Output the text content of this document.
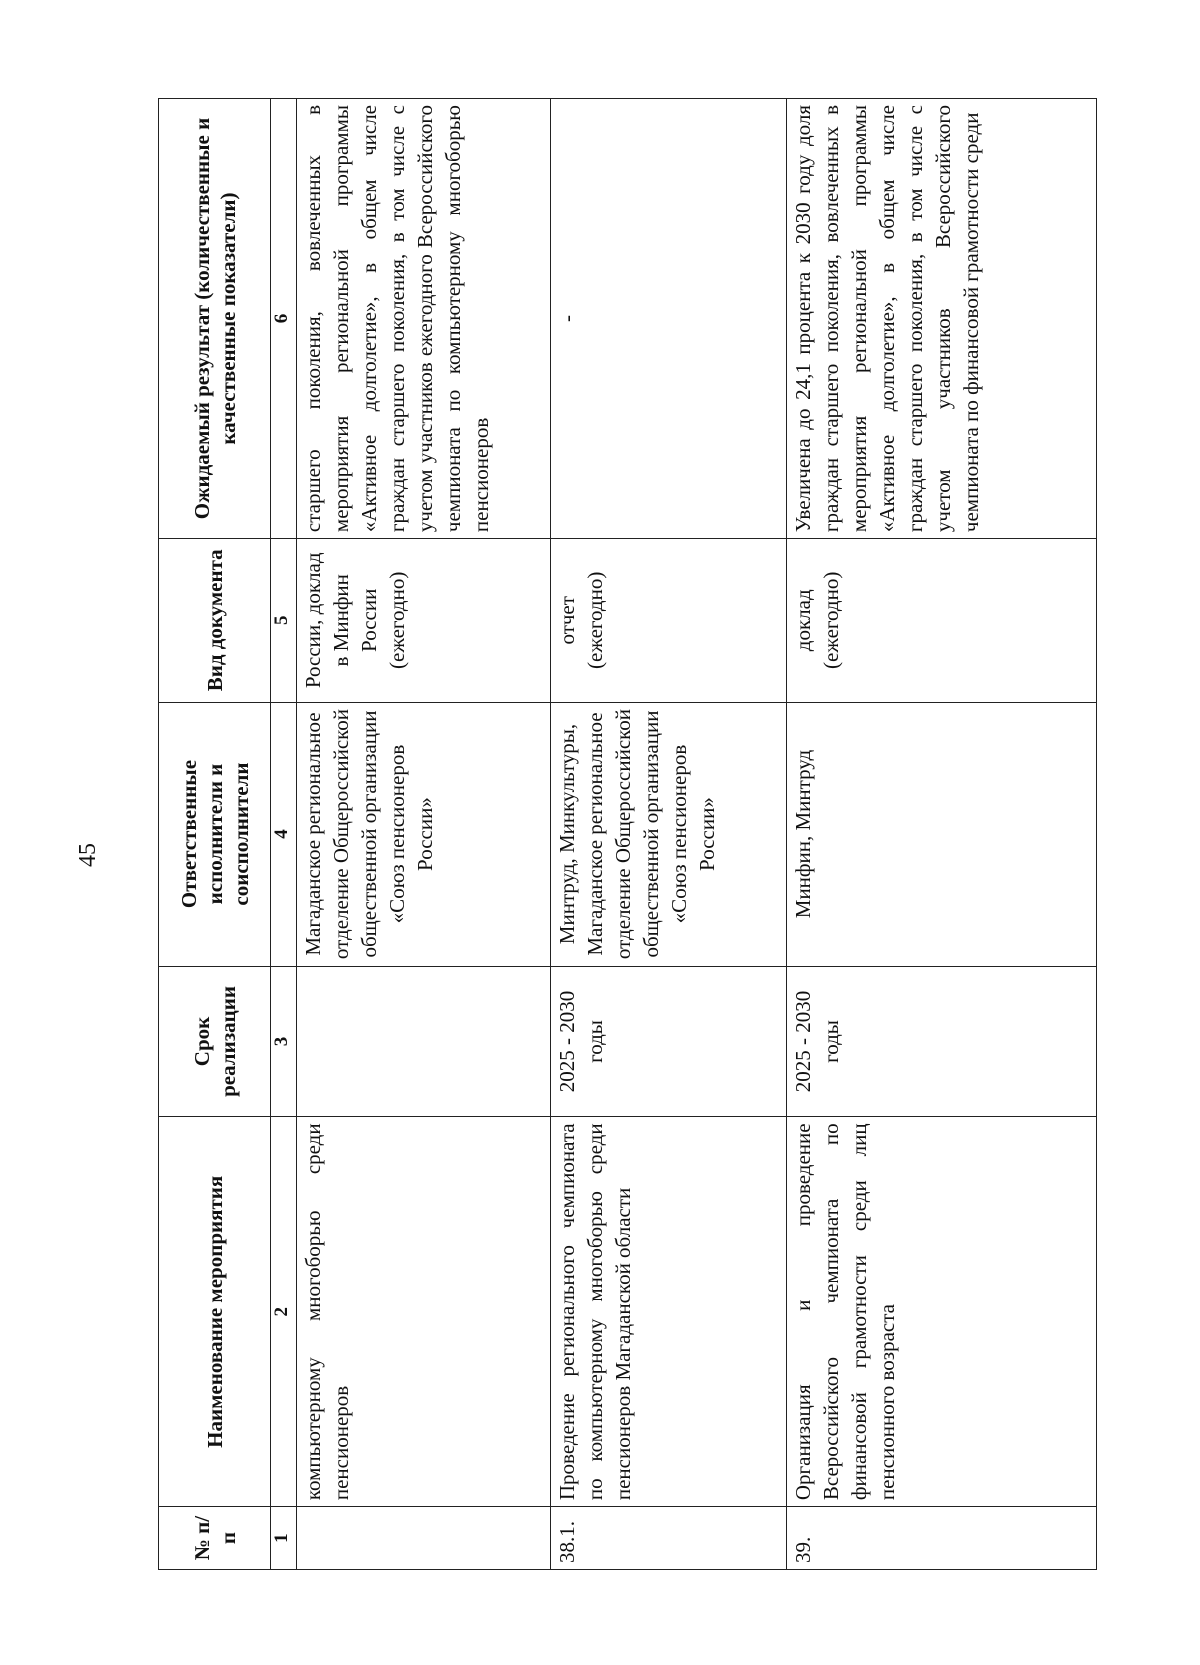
45
№ п/п	Наименование мероприятия	Срок реализации	Ответственные исполнители и соисполнители	Вид документа	Ожидаемый результат (количественные и качественные показатели)
1	2	3	4	5	6
	компьютерному многоборью среди пенсионеров		Магаданское региональное отделение Общероссийской общественной организации «Союз пенсионеров России»	России, доклад в Минфин России (ежегодно)	старшего поколения, вовлеченных в мероприятия региональной программы «Активное долголетие», в общем числе граждан старшего поколения, в том числе с учетом участников ежегодного Всероссийского чемпионата по компьютерному многоборью пенсионеров
38.1.	Проведение регионального чемпионата по компьютерному многоборью среди пенсионеров Магаданской области	2025 - 2030 годы	Минтруд, Минкультуры, Магаданское региональное отделение Общероссийской общественной организации «Союз пенсионеров России»	отчет (ежегодно)	-
39.	Организация и проведение Всероссийского чемпионата по финансовой грамотности среди лиц пенсионного возраста	2025 - 2030 годы	Минфин, Минтруд	доклад (ежегодно)	Увеличена до 24,1 процента к 2030 году доля граждан старшего поколения, вовлеченных в мероприятия региональной программы «Активное долголетие», в общем числе граждан старшего поколения, в том числе с учетом участников Всероссийского чемпионата по финансовой грамотности среди
